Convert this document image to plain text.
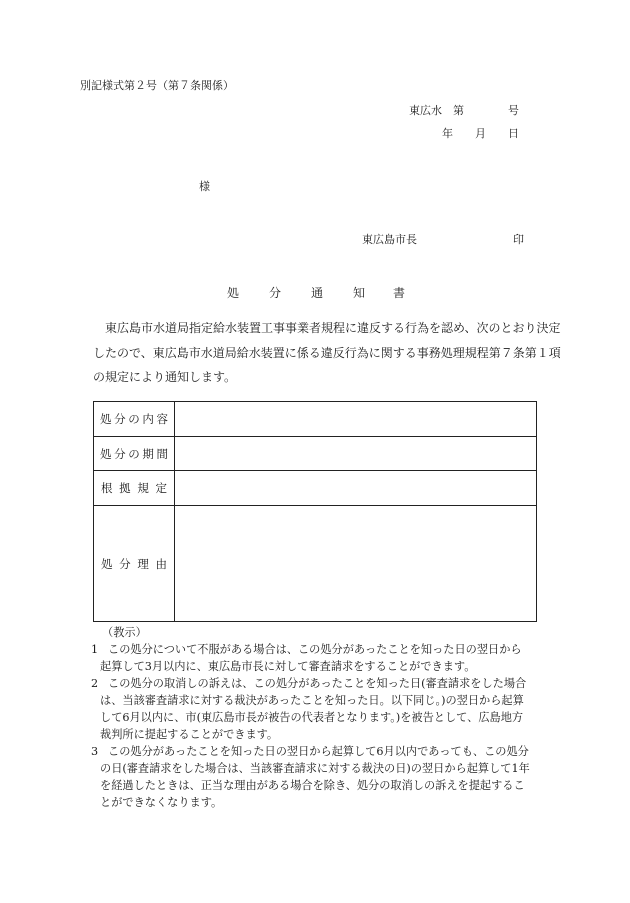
別記様式第２号（第７条関係）
東広水　第　　　　号
年　　月　　日
様
東広島市長	印
処 分 通 知 書
　東広島市水道局指定給水装置工事事業者規程に違反する行為を認め、次のとおり決定
したので、東広島市水道局給水装置に係る違反行為に関する事務処理規程第７条第１項
の規定により通知します。
処 分 の 内 容	

処 分 の 期 間	

根 拠 規 定	

処 分 理 由	

（教示）
1 この処分について不服がある場合は、この処分があったことを知った日の翌日から
起算して3月以内に、東広島市長に対して審査請求をすることができます。
2 この処分の取消しの訴えは、この処分があったことを知った日(審査請求をした場合
は、当該審査請求に対する裁決があったことを知った日。以下同じ。)の翌日から起算
して6月以内に、市(東広島市長が被告の代表者となります。)を被告として、広島地方
裁判所に提起することができます。
3 この処分があったことを知った日の翌日から起算して6月以内であっても、この処分
の日(審査請求をした場合は、当該審査請求に対する裁決の日)の翌日から起算して1年
を経過したときは、正当な理由がある場合を除き、処分の取消しの訴えを提起するこ
とができなくなります。
